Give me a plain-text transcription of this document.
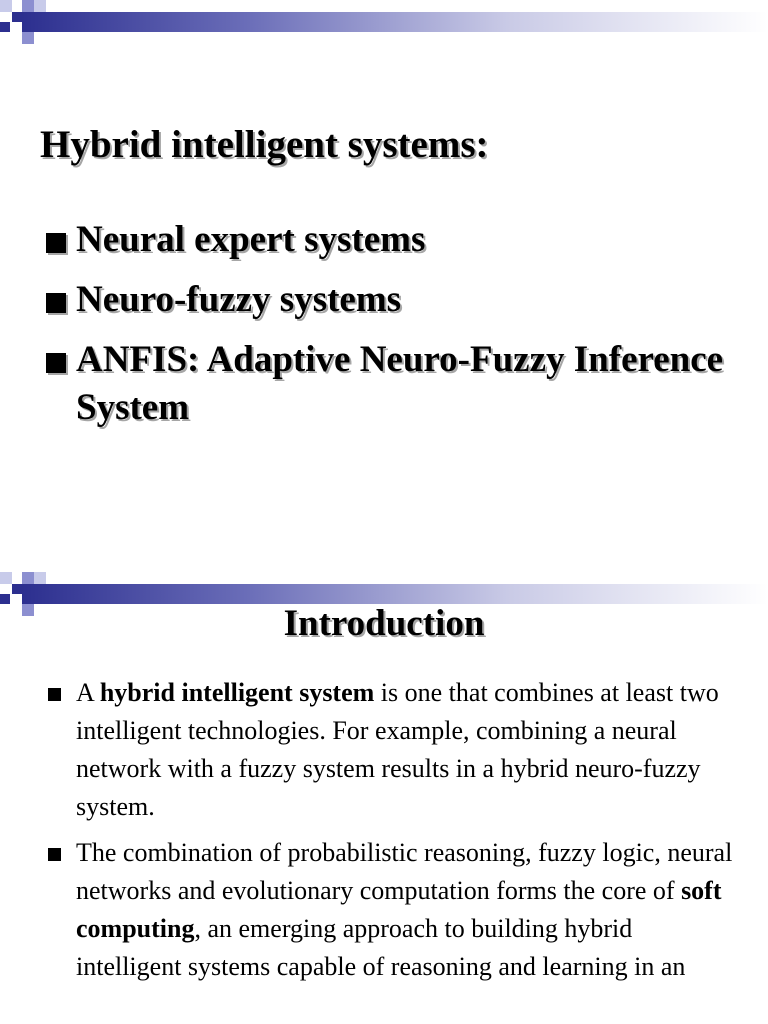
Hybrid intelligent systems:
Neural expert systems
Neuro-fuzzy systems
ANFIS: Adaptive Neuro-Fuzzy Inference System
Introduction
A hybrid intelligent system is one that combines at least two intelligent technologies. For example, combining a neural network with a fuzzy system results in a hybrid neuro-fuzzy system.
The combination of probabilistic reasoning, fuzzy logic, neural networks and evolutionary computation forms the core of soft computing, an emerging approach to building hybrid intelligent systems capable of reasoning and learning in an
